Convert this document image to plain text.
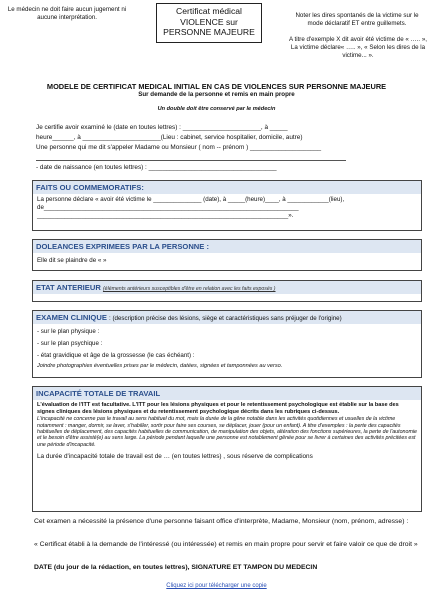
Le médecin ne doit faire aucun jugement ni aucune interprétation.
Certificat médical
VIOLENCE sur
PERSONNE MAJEURE
Noter les dires spontanés de la victime sur le mode déclaratif ET entre guillemets.
A titre d'exemple X dit avoir été victime de « ….. », La victime déclare« ….. », « Selon les dires de la victime... ».
MODELE DE CERTIFICAT MEDICAL INITIAL EN CAS DE VIOLENCES SUR PERSONNE MAJEURE
Sur demande de la personne et remis en main propre
Un double doit être conservé par le médecin
Je certifie avoir examiné le (date en toutes lettres) : ______________________, à _____
heure______, à ______________________(Lieu : cabinet, service hospitalier, domicile, autre)
Une personne qui me dit s'appeler Madame ou Monsieur ( nom -- prénom ) ____________________
- date de naissance (en toutes lettres) : ____________________________________
FAITS OU COMMEMORATIFS:
La personne déclare « avoir été victime le ______________ (date), à _____(heure)____, à ____________(lieu),
de__________________________________________________________________________
_________________________________________________________________________».
DOLEANCES EXPRIMEES PAR LA PERSONNE :
Elle dit se plaindre de « »
ETAT ANTERIEUR (éléments antérieurs susceptibles d'être en relation avec les faits exposés )
EXAMEN CLINIQUE : (description précise des lésions, siège et caractéristiques sans préjuger de l'origine)
- sur le plan physique :
- sur le plan psychique :
- état gravidique et âge de la grossesse (le cas échéant) :
Joindre photographies éventuelles prises par le médecin, datées, signées et tamponnées au verso.
INCAPACITÉ TOTALE DE TRAVAIL
L'évaluation de l'ITT est facultative. L'ITT pour les lésions physiques et pour le retentissement psychologique est établie sur la base des signes cliniques des lésions physiques et du retentissement psychologique décrits dans les rubriques ci-dessus.
L'incapacité ne concerne pas le travail au sens habituel du mot, mais la durée de la gêne notable dans les activités quotidiennes et usuelles de la victime notamment : manger, dormir, se laver, s'habiller, sortir pour faire ses courses, se déplacer, jouer (pour un enfant). A titre d'exemples : la perte des capacités habituelles de déplacement, des capacités habituelles de communication, de manipulation des objets, altération des fonctions supérieures, la perte de l'autonomie et le besoin d'être assisté(e) au sens large. La période pendant laquelle une personne est notablement gênée pour se livrer à certaines des activités précitées est une période d'incapacité.
La durée d'incapacité totale de travail est de … (en toutes lettres) , sous réserve de complications
Cet examen a nécessité la présence d'une personne faisant office d'interprète, Madame, Monsieur (nom, prénom, adresse) :
« Certificat établi à la demande de l'intéressé (ou intéressée) et remis en main propre pour servir et faire valoir ce que de droit »
DATE (du jour de la rédaction, en toutes lettres), SIGNATURE ET TAMPON DU MEDECIN
Cliquez ici pour télécharger une copie
